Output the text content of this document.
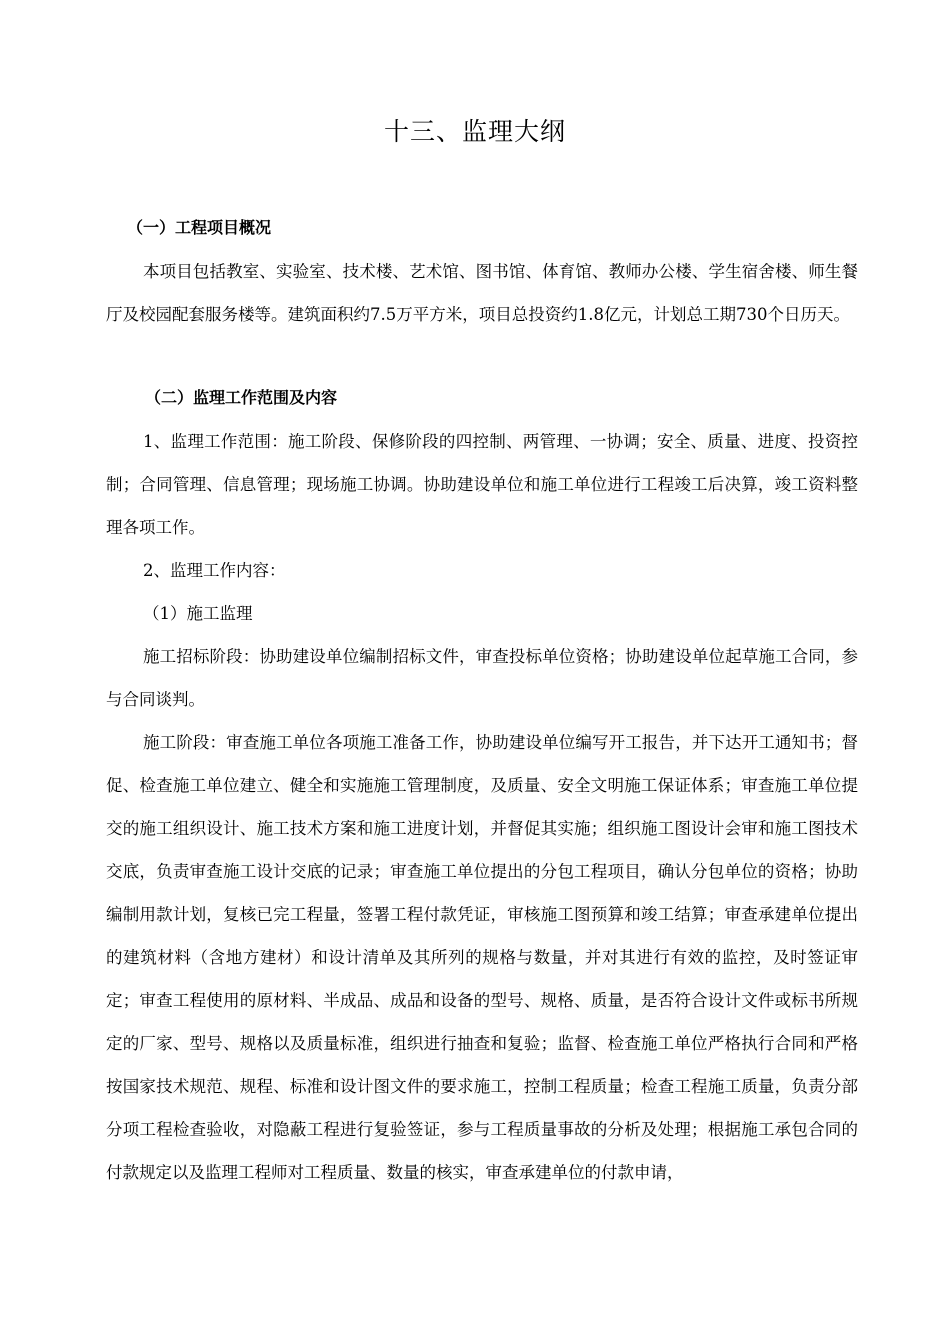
十三、监理大纲
（一）工程项目概况

本项目包括教室、实验室、技术楼、艺术馆、图书馆、体育馆、教师办公楼、学生宿舍楼、师生餐厅及校园配套服务楼等。建筑面积约7.5万平方米，项目总投资约1.8亿元，计划总工期730个日历天。

（二）监理工作范围及内容

1、监理工作范围：施工阶段、保修阶段的四控制、两管理、一协调；安全、质量、进度、投资控制；合同管理、信息管理；现场施工协调。协助建设单位和施工单位进行工程竣工后决算，竣工资料整理各项工作。

2、监理工作内容：

（1）施工监理

施工招标阶段：协助建设单位编制招标文件，审查投标单位资格；协助建设单位起草施工合同，参与合同谈判。

施工阶段：审查施工单位各项施工准备工作，协助建设单位编写开工报告，并下达开工通知书；督促、检查施工单位建立、健全和实施施工管理制度，及质量、安全文明施工保证体系；审查施工单位提交的施工组织设计、施工技术方案和施工进度计划，并督促其实施；组织施工图设计会审和施工图技术交底，负责审查施工设计交底的记录；审查施工单位提出的分包工程项目，确认分包单位的资格；协助编制用款计划，复核已完工程量，签署工程付款凭证，审核施工图预算和竣工结算；审查承建单位提出的建筑材料（含地方建材）和设计清单及其所列的规格与数量，并对其进行有效的监控，及时签证审定；审查工程使用的原材料、半成品、成品和设备的型号、规格、质量，是否符合设计文件或标书所规定的厂家、型号、规格以及质量标准，组织进行抽查和复验；监督、检查施工单位严格执行合同和严格按国家技术规范、规程、标准和设计图文件的要求施工，控制工程质量；检查工程施工质量，负责分部分项工程检查验收，对隐蔽工程进行复验签证，参与工程质量事故的分析及处理；根据施工承包合同的付款规定以及监理工程师对工程质量、数量的核实，审查承建单位的付款申请，
